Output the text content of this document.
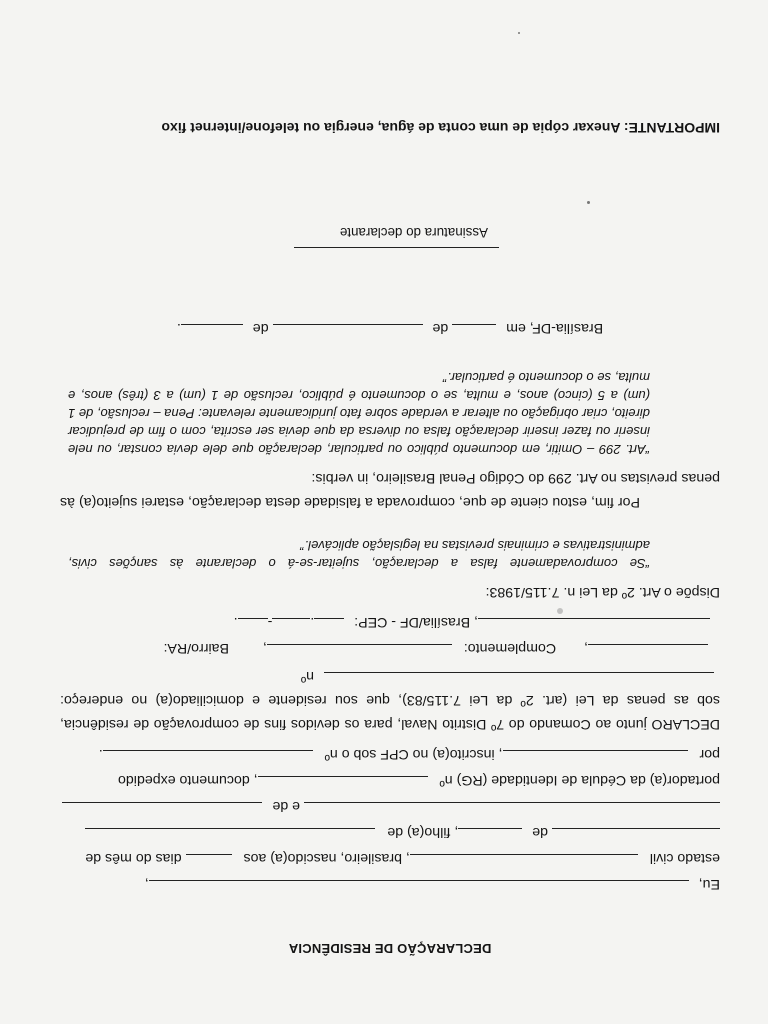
DECLARAÇÃO DE RESIDÊNCIA
Eu, ,
estado civil , brasileiro, nascido(a) aos  dias do mês de
de , filho(a) de
e de
portador(a) da Cédula de Identidade (RG) nº , documento expedido
por , inscrito(a) no CPF sob o nº .
DECLARO junto ao Comando do 7º Distrito Naval, para os devidos fins de comprovação de residência, sob as penas da Lei (art. 2º da Lei 7.115/83), que sou residente e domiciliado(a) no endereço:  nº
, Complemento: , Bairro/RA:
, Brasília/DF - CEP: .-.
Dispõe o Art. 2º da Lei n. 7.115/1983:
“Se comprovadamente falsa a declaração, sujeitar-se-á o declarante às sanções civis, administrativas e criminais previstas na legislação aplicável.”
Por fim, estou ciente de que, comprovada a falsidade desta declaração, estarei sujeito(a) às penas previstas no Art. 299 do Código Penal Brasileiro, in verbis:
“Art. 299 – Omitir, em documento público ou particular, declaração que dele devia constar, ou nele inserir ou fazer inserir declaração falsa ou diversa da que devia ser escrita, com o fim de prejudicar direito, criar obrigação ou alterar a verdade sobre fato juridicamente relevante: Pena – reclusão, de 1 (um) a 5 (cinco) anos, e multa, se o documento é público, reclusão de 1 (um) a 3 (três) anos, e multa, se o documento é particular.”
Brasília-DF, em  de  de .
Assinatura do declarante
IMPORTANTE: Anexar cópia de uma conta de água, energia ou telefone/internet fixo
